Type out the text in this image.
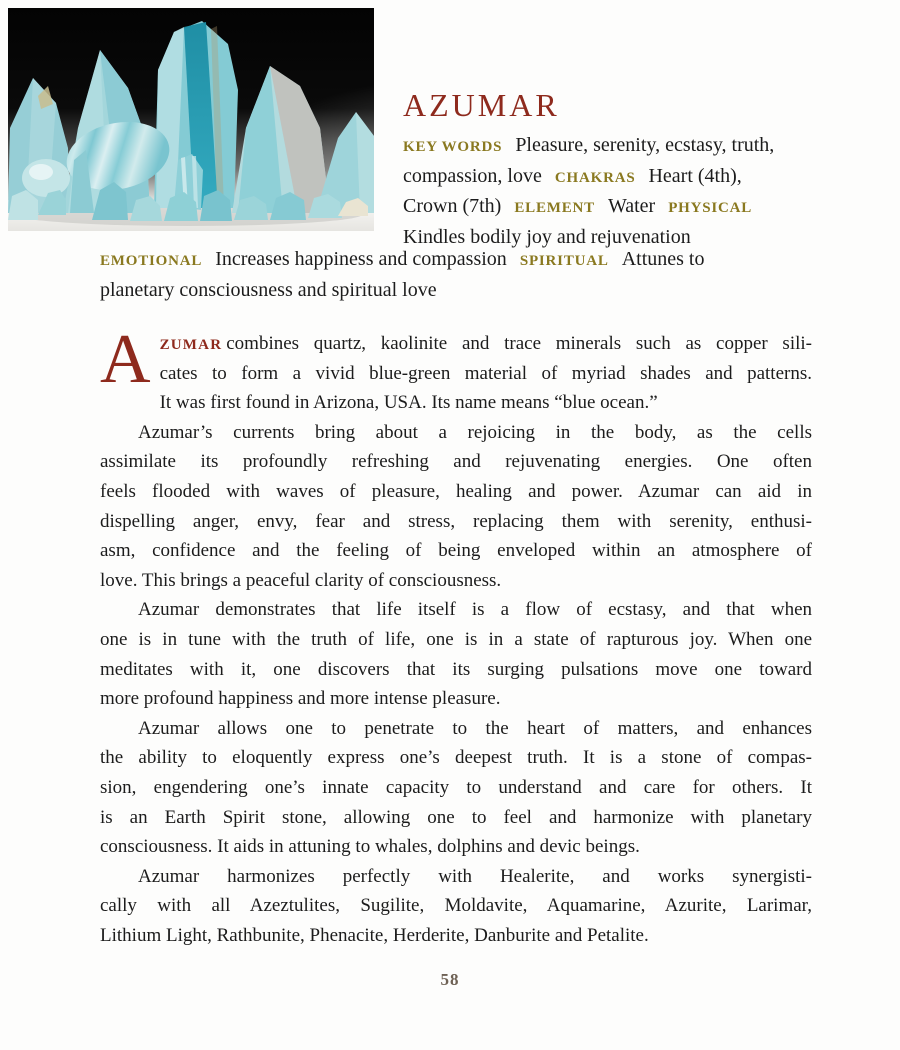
AZUMAR
KEY WORDS Pleasure, serenity, ecstasy, truth,
compassion, love CHAKRAS Heart (4th),
Crown (7th) ELEMENT Water PHYSICAL
Kindles bodily joy and rejuvenation
EMOTIONAL Increases happiness and compassion SPIRITUAL Attunes to
planetary consciousness and spiritual love
A ZUMAR combines quartz, kaolinite and trace minerals such as copper sili-
cates to form a vivid blue-green material of myriad shades and patterns.
It was first found in Arizona, USA. Its name means “blue ocean.”
Azumar’s currents bring about a rejoicing in the body, as the cells
assimilate its profoundly refreshing and rejuvenating energies. One often
feels flooded with waves of pleasure, healing and power. Azumar can aid in
dispelling anger, envy, fear and stress, replacing them with serenity, enthusi-
asm, confidence and the feeling of being enveloped within an atmosphere of
love. This brings a peaceful clarity of consciousness.
Azumar demonstrates that life itself is a flow of ecstasy, and that when
one is in tune with the truth of life, one is in a state of rapturous joy. When one
meditates with it, one discovers that its surging pulsations move one toward
more profound happiness and more intense pleasure.
Azumar allows one to penetrate to the heart of matters, and enhances
the ability to eloquently express one’s deepest truth. It is a stone of compas-
sion, engendering one’s innate capacity to understand and care for others. It
is an Earth Spirit stone, allowing one to feel and harmonize with planetary
consciousness. It aids in attuning to whales, dolphins and devic beings.
Azumar harmonizes perfectly with Healerite, and works synergisti-
cally with all Azeztulites, Sugilite, Moldavite, Aquamarine, Azurite, Larimar,
Lithium Light, Rathbunite, Phenacite, Herderite, Danburite and Petalite.
58
